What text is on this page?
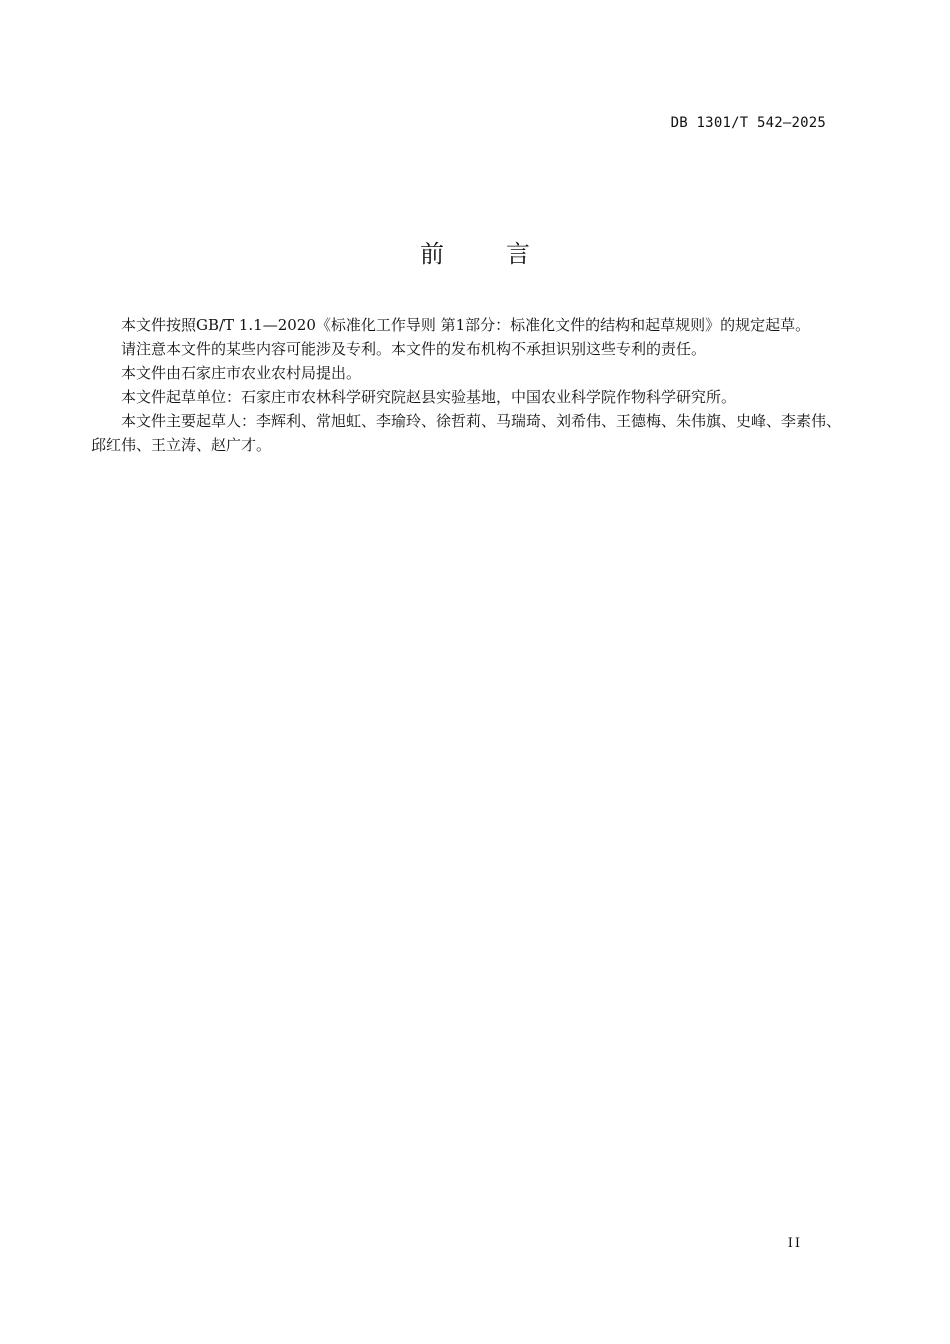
DB 1301/T 542—2025
前言

本文件按照GB/T 1.1—2020《标准化工作导则 第1部分：标准化文件的结构和起草规则》的规定起草。

请注意本文件的某些内容可能涉及专利。本文件的发布机构不承担识别这些专利的责任。

本文件由石家庄市农业农村局提出。

本文件起草单位：石家庄市农林科学研究院赵县实验基地，中国农业科学院作物科学研究所。

本文件主要起草人：李辉利、常旭虹、李瑜玲、徐哲莉、马瑞琦、刘希伟、王德梅、朱伟旗、史峰、李素伟、邱红伟、王立涛、赵广才。

II
